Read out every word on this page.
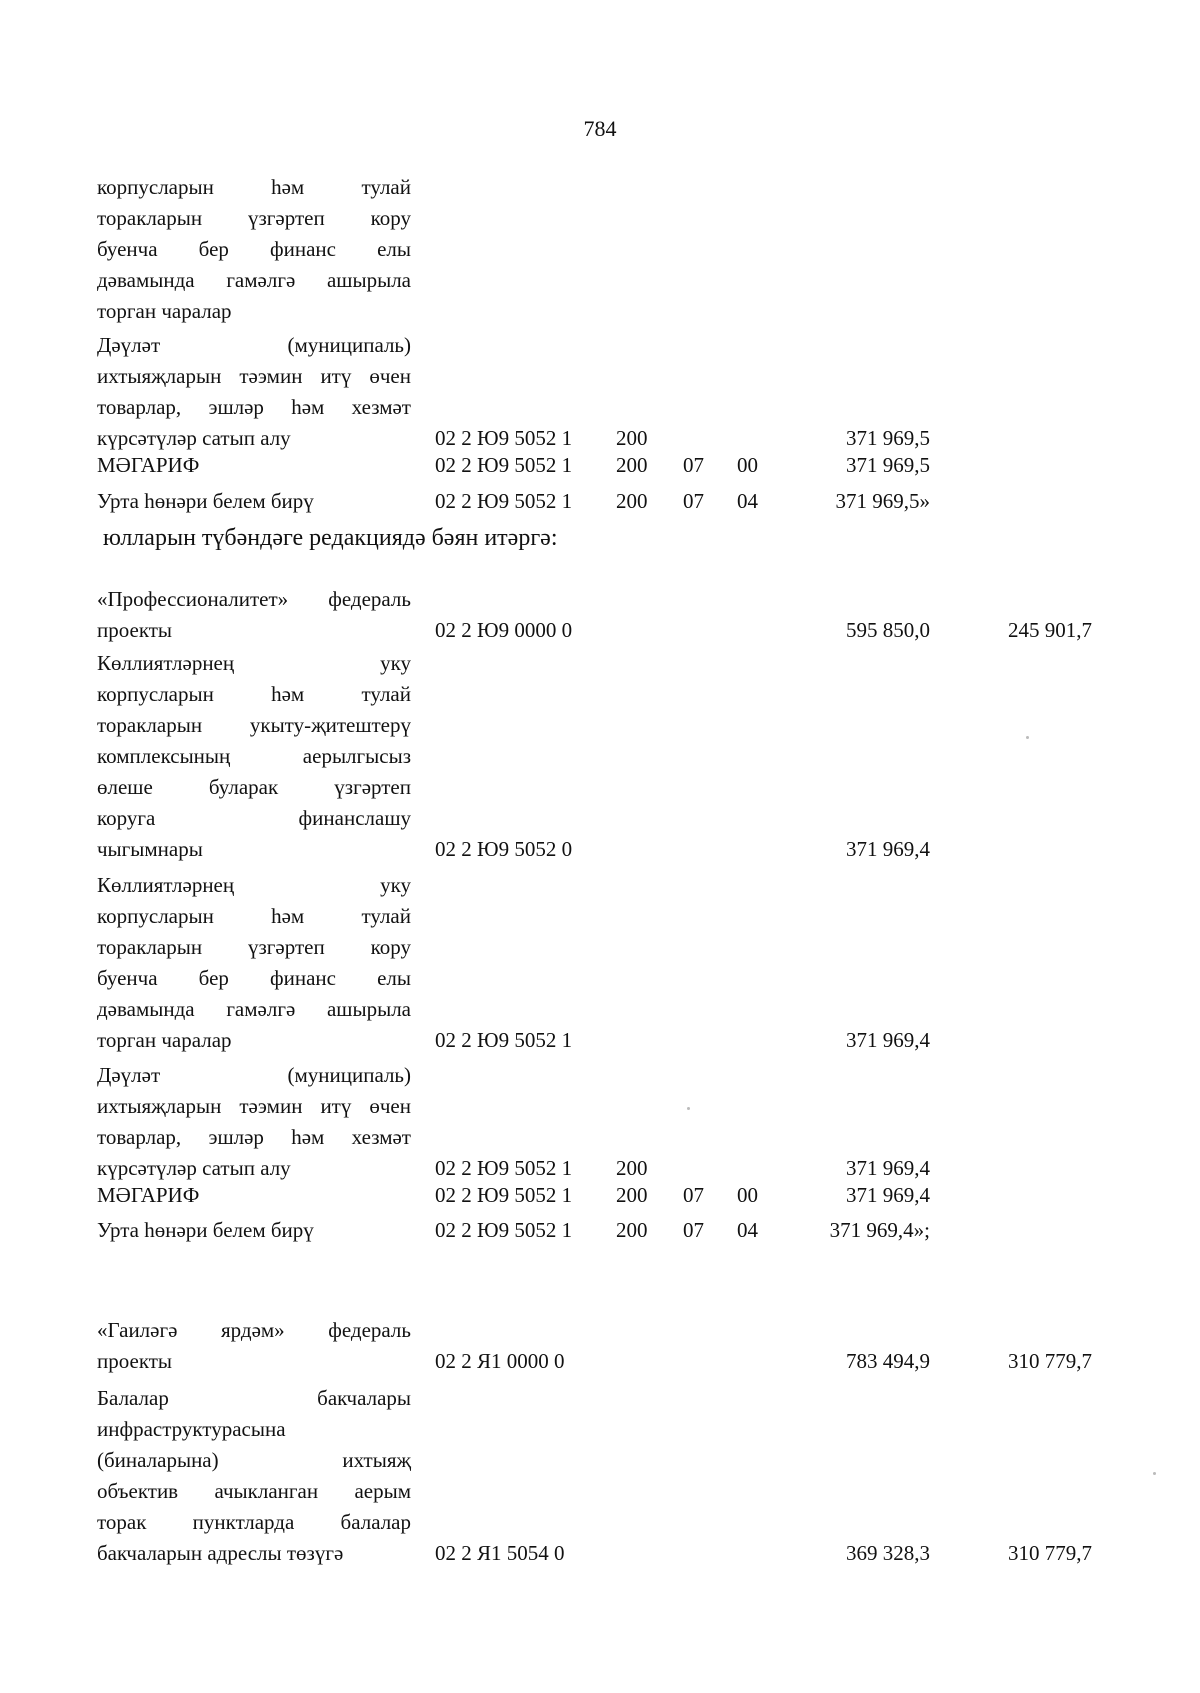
784
юлларын түбәндәге редакциядә бәян итәргә:
корпусларын һәм тулай
торакларын үзгәртеп кору
буенча бер финанс елы
дәвамында гамәлгә ашырыла
торган чаралар
Дәүләт (муниципаль)
ихтыяҗларын тәэмин итү өчен
товарлар, эшләр һәм хезмәт
күрсәтүләр сатып алу	02 2 Ю9 5052 1 200	371 969,5
МӘГАРИФ	02 2 Ю9 5052 1 200 07 00	371 969,5
Урта һөнәри белем бирү	02 2 Ю9 5052 1 200 07 04	371 969,5»
«Профессионалитет» федераль
проекты	02 2 Ю9 0000 0	595 850,0	245 901,7
Көллиятләрнең уку
корпусларын һәм тулай
торакларын укыту-җитештерү
комплексының аерылгысыз
өлеше буларак үзгәртеп
коруга финанслашу
чыгымнары	02 2 Ю9 5052 0	371 969,4
Көллиятләрнең уку
корпусларын һәм тулай
торакларын үзгәртеп кору
буенча бер финанс елы
дәвамында гамәлгә ашырыла
торган чаралар	02 2 Ю9 5052 1	371 969,4
Дәүләт (муниципаль)
ихтыяҗларын тәэмин итү өчен
товарлар, эшләр һәм хезмәт
күрсәтүләр сатып алу	02 2 Ю9 5052 1 200	371 969,4
МӘГАРИФ	02 2 Ю9 5052 1 200 07 00	371 969,4
Урта һөнәри белем бирү	02 2 Ю9 5052 1 200 07 04	371 969,4»;
«Гаиләгә ярдәм» федераль
проекты	02 2 Я1 0000 0	783 494,9	310 779,7
Балалар бакчалары
инфраструктурасына
(биналарына) ихтыяҗ
объектив ачыкланган аерым
торак пунктларда балалар
бакчаларын адреслы төзүгә	02 2 Я1 5054 0	369 328,3	310 779,7
